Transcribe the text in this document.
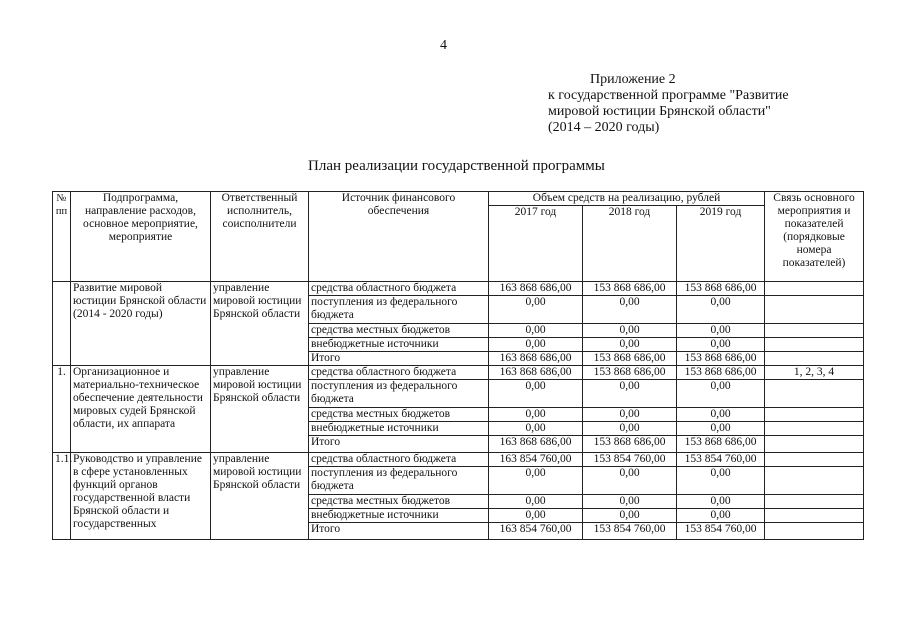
4
Приложение 2
к государственной программе "Развитие
мировой юстиции Брянской области"
(2014 – 2020 годы)
План реализации государственной программы
№ пп	Подпрограмма, направление расходов, основное мероприятие, мероприятие	Ответственный исполнитель, соисполнители	Источник финансового обеспечения	Объем средств на реализацию, рублей			Связь основного мероприятия и показателей (порядковые номера показателей)
				2017 год	2018 год	2019 год	
	Развитие мировой юстиции Брянской области (2014 - 2020 годы)	управление мировой юстиции Брянской области	средства областного бюджета	163 868 686,00	153 868 686,00	153 868 686,00	
			поступления из федерального бюджета	0,00	0,00	0,00	
			средства местных бюджетов	0,00	0,00	0,00	
			внебюджетные источники	0,00	0,00	0,00	
			Итого	163 868 686,00	153 868 686,00	153 868 686,00	
1.	Организационное и материально-техническое обеспечение деятельности мировых судей Брянской области, их аппарата	управление мировой юстиции Брянской области	средства областного бюджета	163 868 686,00	153 868 686,00	153 868 686,00	1, 2, 3, 4
			поступления из федерального бюджета	0,00	0,00	0,00	
			средства местных бюджетов	0,00	0,00	0,00	
			внебюджетные источники	0,00	0,00	0,00	
			Итого	163 868 686,00	153 868 686,00	153 868 686,00	
1.1.	Руководство и управление в сфере установленных функций органов государственной власти Брянской области и государственных	управление мировой юстиции Брянской области	средства областного бюджета	163 854 760,00	153 854 760,00	153 854 760,00	
			поступления из федерального бюджета	0,00	0,00	0,00	
			средства местных бюджетов	0,00	0,00	0,00	
			внебюджетные источники	0,00	0,00	0,00	
			Итого	163 854 760,00	153 854 760,00	153 854 760,00	
